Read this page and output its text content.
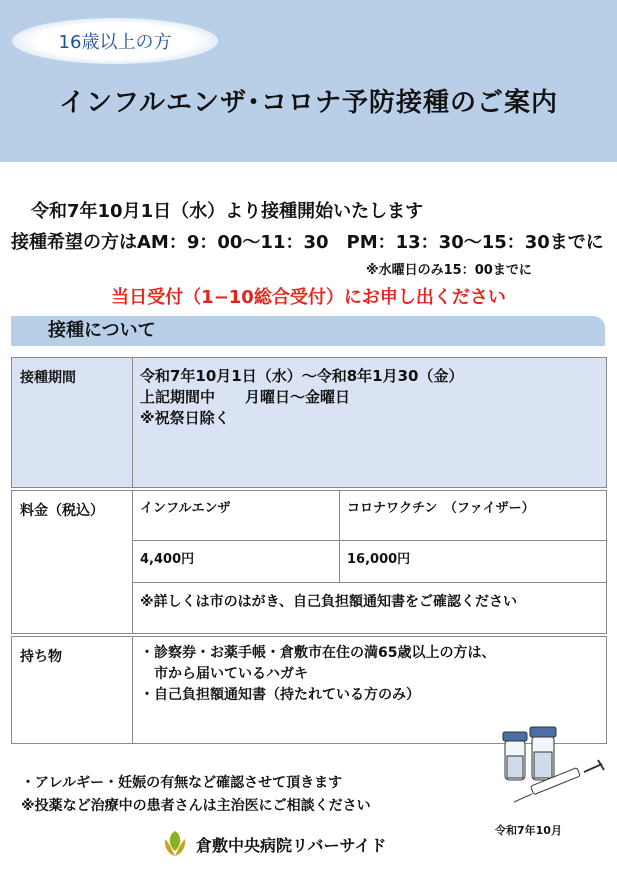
16歳以上の方
インフルエンザ･コロナ予防接種のご案内
令和7年10月1日（水）より接種開始いたします
接種希望の方はAM：9：00～11：30　PM：13：30～15：30までに
※水曜日のみ15：00までに
当日受付（1−10総合受付）にお申し出ください
接種について
接種期間	令和7年10月1日（水）～令和8年1月30（金）
上記期間中　　月曜日～金曜日
※祝祭日除く
料金（税込）	インフルエンザ	コロナワクチン　（ファイザー）
4,400円	16,000円
※詳しくは市のはがき、自己負担額通知書をご確認ください
持ち物	・診察券・お薬手帳・倉敷市在住の満65歳以上の方は、
　市から届いているハガキ
・自己負担額通知書（持たれている方のみ）
・アレルギー・妊娠の有無など確認させて頂きます
※投薬など治療中の患者さんは主治医にご相談ください
令和7年10月
倉敷中央病院リバーサイド
